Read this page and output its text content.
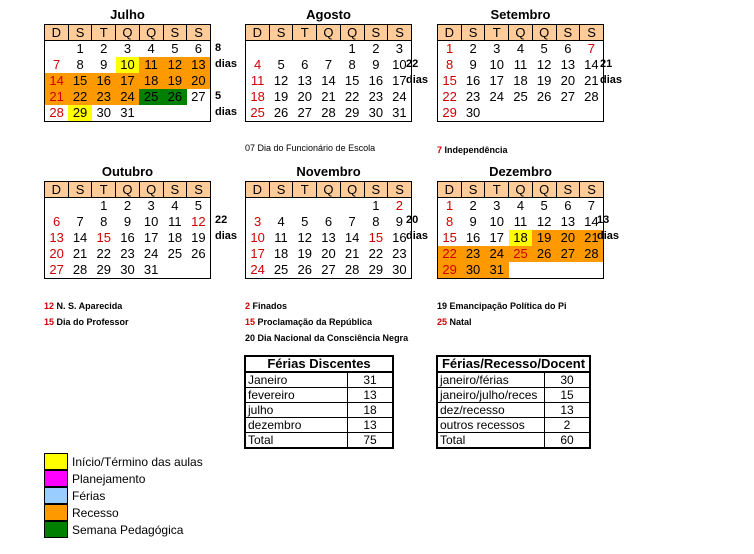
Julho
D	S	T	Q	Q	S	S
	1	2	3	4	5	6
7	8	9	10	11	12	13
14	15	16	17	18	19	20
21	22	23	24	25	26	27
28	29	30	31			
Agosto
D	S	T	Q	Q	S	S
				1	2	3
4	5	6	7	8	9	10
11	12	13	14	15	16	17
18	19	20	21	22	23	24
25	26	27	28	29	30	31
Setembro
D	S	T	Q	Q	S	S
1	2	3	4	5	6	7
8	9	10	11	12	13	14
15	16	17	18	19	20	21
22	23	24	25	26	27	28
29	30					
Outubro
D	S	T	Q	Q	S	S
		1	2	3	4	5
6	7	8	9	10	11	12
13	14	15	16	17	18	19
20	21	22	23	24	25	26
27	28	29	30	31		
Novembro
D	S	T	Q	Q	S	S
					1	2
3	4	5	6	7	8	9
10	11	12	13	14	15	16
17	18	19	20	21	22	23
24	25	26	27	28	29	30
Dezembro
D	S	T	Q	Q	S	S
1	2	3	4	5	6	7
8	9	10	11	12	13	14
15	16	17	18	19	20	21
22	23	24	25	26	27	28
29	30	31				
8
dias
5
dias
22
dias
21
dias
22
dias
20
dias
13
dias
07 Dia do Funcionário de Escola	7 Independência
12 N. S. Aparecida
15 Dia do Professor
2 Finados
15 Proclamação da República
20 Dia Nacional da Consciência Negra
19 Emancipação Política do Pi
25 Natal
Férias Discentes	
Janeiro	31
fevereiro	13
julho	18
dezembro	13
Total	75
Férias/Recesso/Docent	
janeiro/férias	30
janeiro/julho/reces	15
dez/recesso	13
outros recessos	2
Total	60
Início/Término das aulas
Planejamento
Férias
Recesso
Semana Pedagógica
